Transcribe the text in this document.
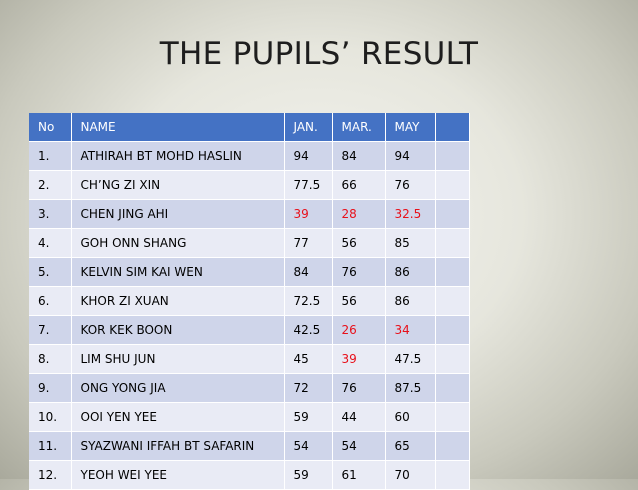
THE PUPILS’ RESULT
No	NAME	JAN.	MAR.	MAY	
1.	ATHIRAH BT MOHD HASLIN	94	84	94	
2.	CH’NG ZI XIN	77.5	66	76	
3.	CHEN JING AHI	39	28	32.5	
4.	GOH ONN SHANG	77	56	85	
5.	KELVIN SIM KAI WEN	84	76	86	
6.	KHOR ZI XUAN	72.5	56	86	
7.	KOR KEK BOON	42.5	26	34	
8.	LIM SHU JUN	45	39	47.5	
9.	ONG YONG JIA	72	76	87.5	
10.	OOI YEN YEE	59	44	60	
11.	SYAZWANI IFFAH BT SAFARIN	54	54	65	
12.	YEOH WEI YEE	59	61	70	
